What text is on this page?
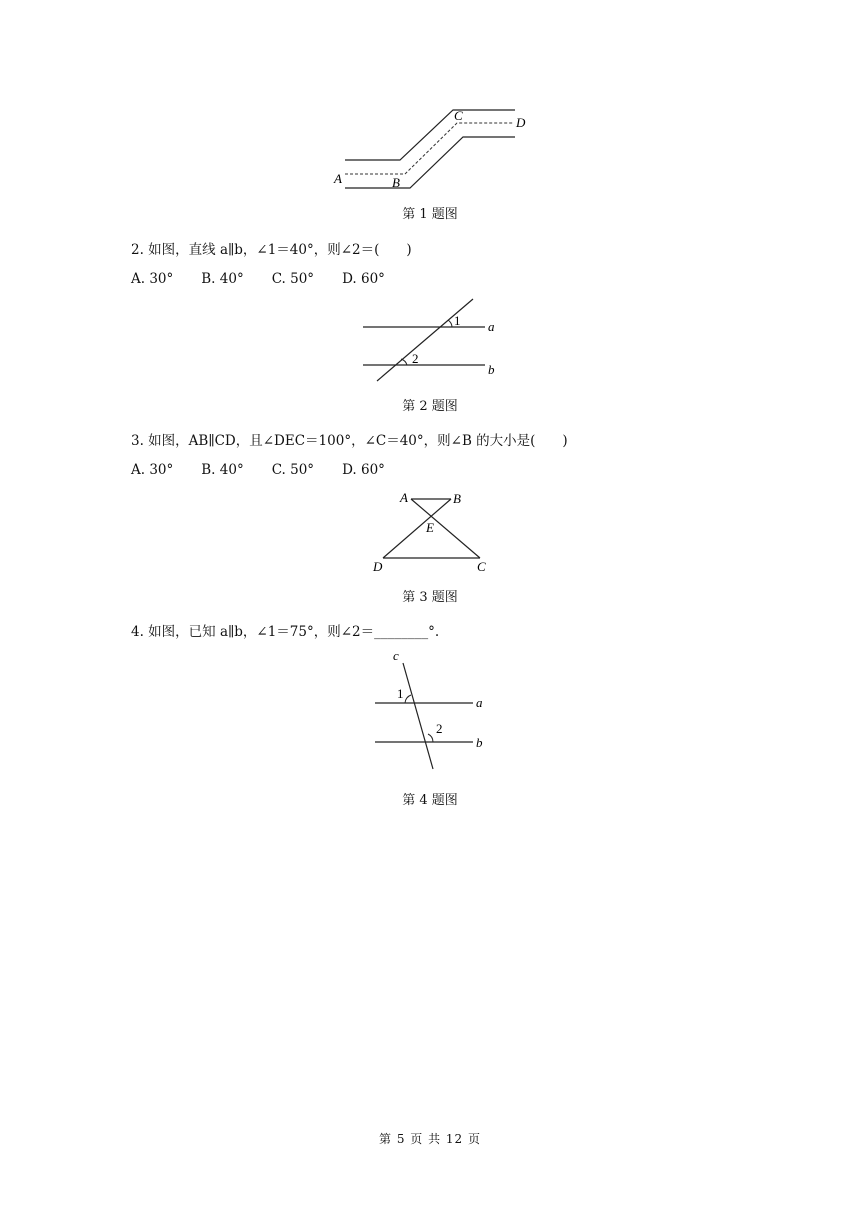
A	B
C	D
第 1 题图
2. 如图，直线 a∥b，∠1＝40°，则∠2＝(　　)
A. 30° B. 40° C. 50° D. 60°
1
2
a
b
第 2 题图
3. 如图，AB∥CD，且∠DEC＝100°，∠C＝40°，则∠B 的大小是(　　)
A. 30° B. 40° C. 50° D. 60°
A	B
E
D	C
第 3 题图
4. 如图，已知 a∥b，∠1＝75°，则∠2＝________°.
c
1
2
a
b
第 4 题图
第 5 页 共 12 页
